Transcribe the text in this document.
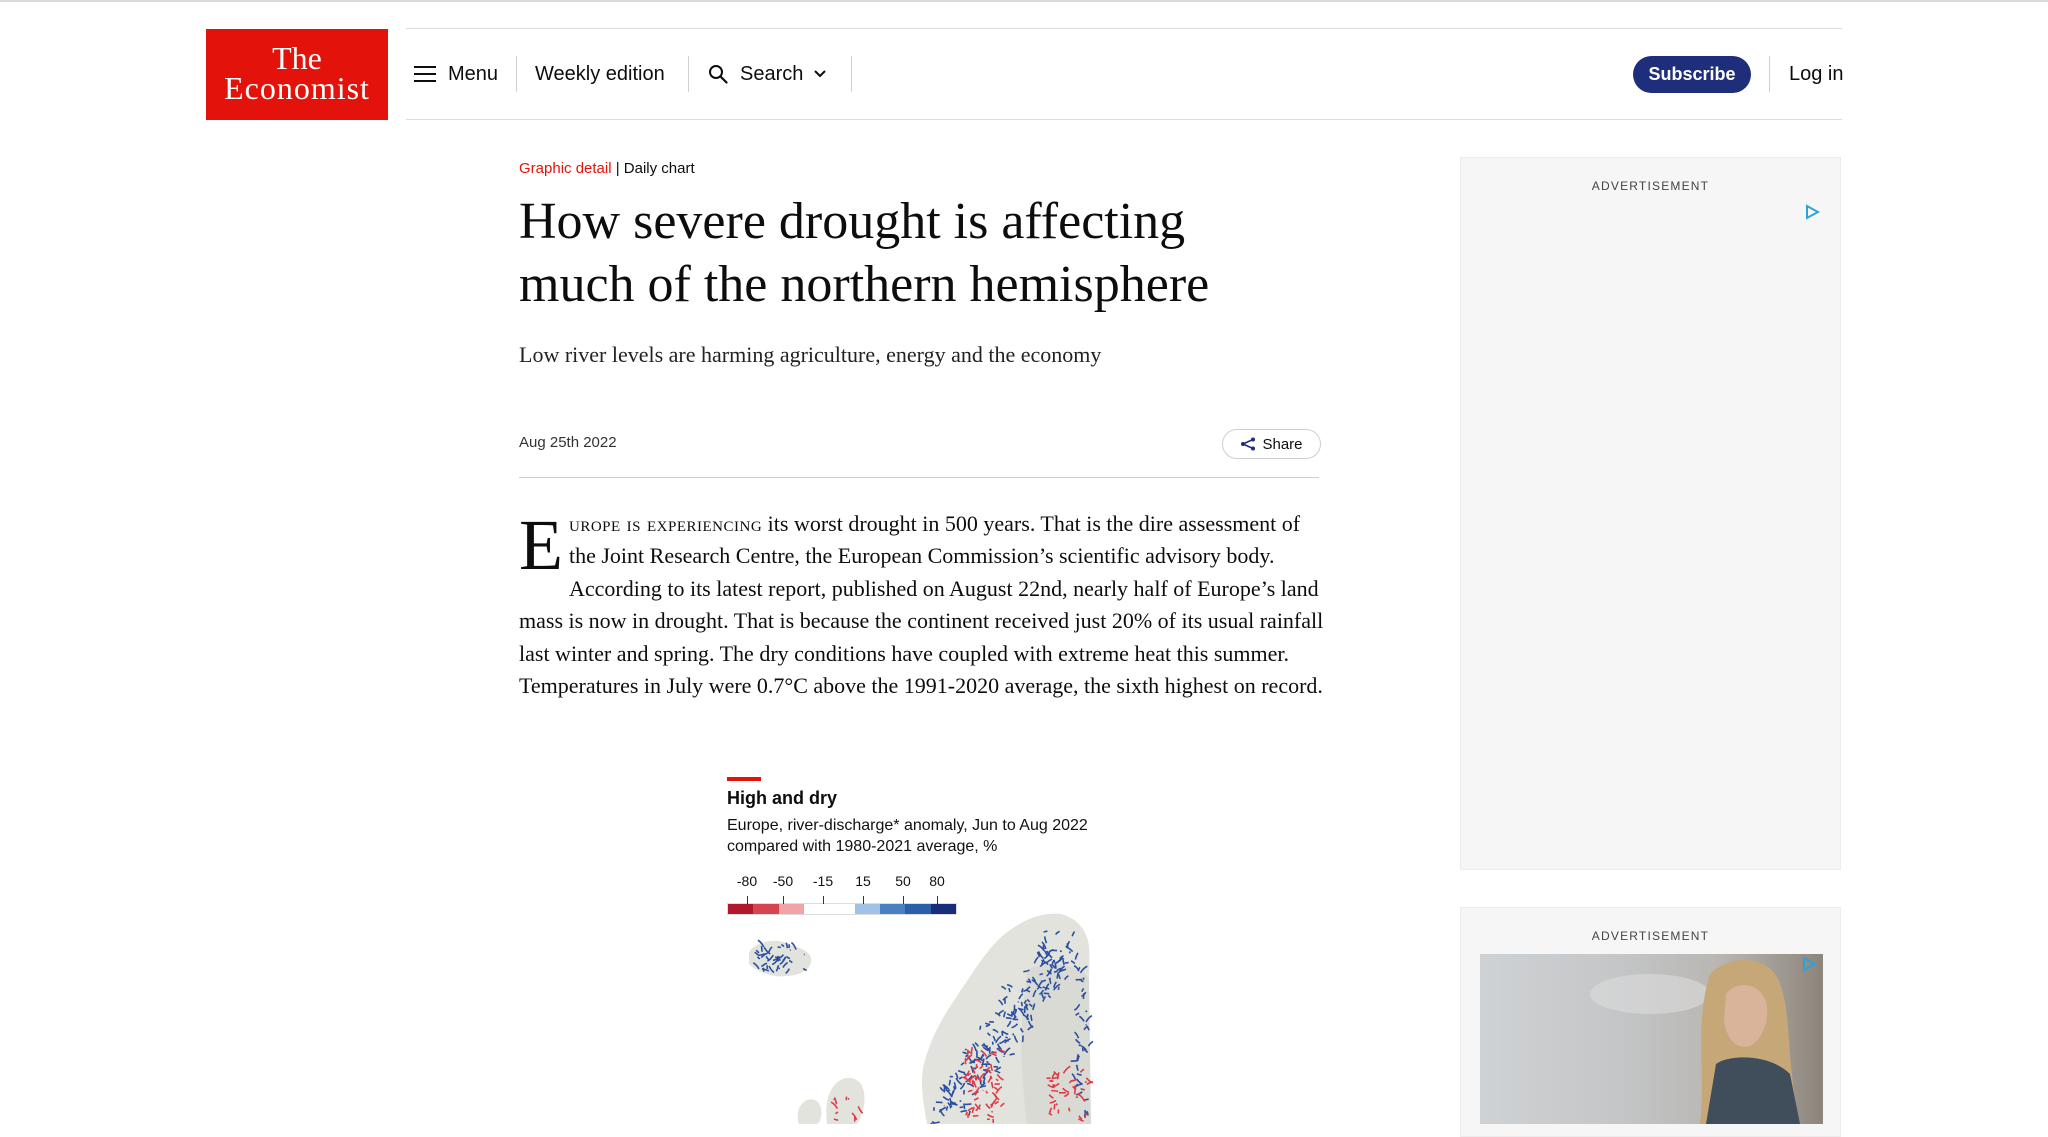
The
Economist	Menu Weekly edition	Search	Subscribe	Log in
Graphic detail | Daily chart
How severe drought is affecting much of the northern hemisphere
Low river levels are harming agriculture, energy and the economy
Aug 25th 2022	Share

Europe is experiencing its worst drought in 500 years. That is the dire assessment of the Joint Research Centre, the European Commission’s scientific advisory body. According to its latest report, published on August 22nd, nearly half of Europe’s land mass is now in drought. That is because the continent received just 20% of its usual rainfall last winter and spring. The dry conditions have coupled with extreme heat this summer. Temperatures in July were 0.7°C above the 1991-2020 average, the sixth highest on record.

High and dry
Europe, river-discharge* anomaly, Jun to Aug 2022
compared with 1980-2021 average, %
-80 -50 -15 15 50 80
ADVERTISEMENT
ADVERTISEMENT
